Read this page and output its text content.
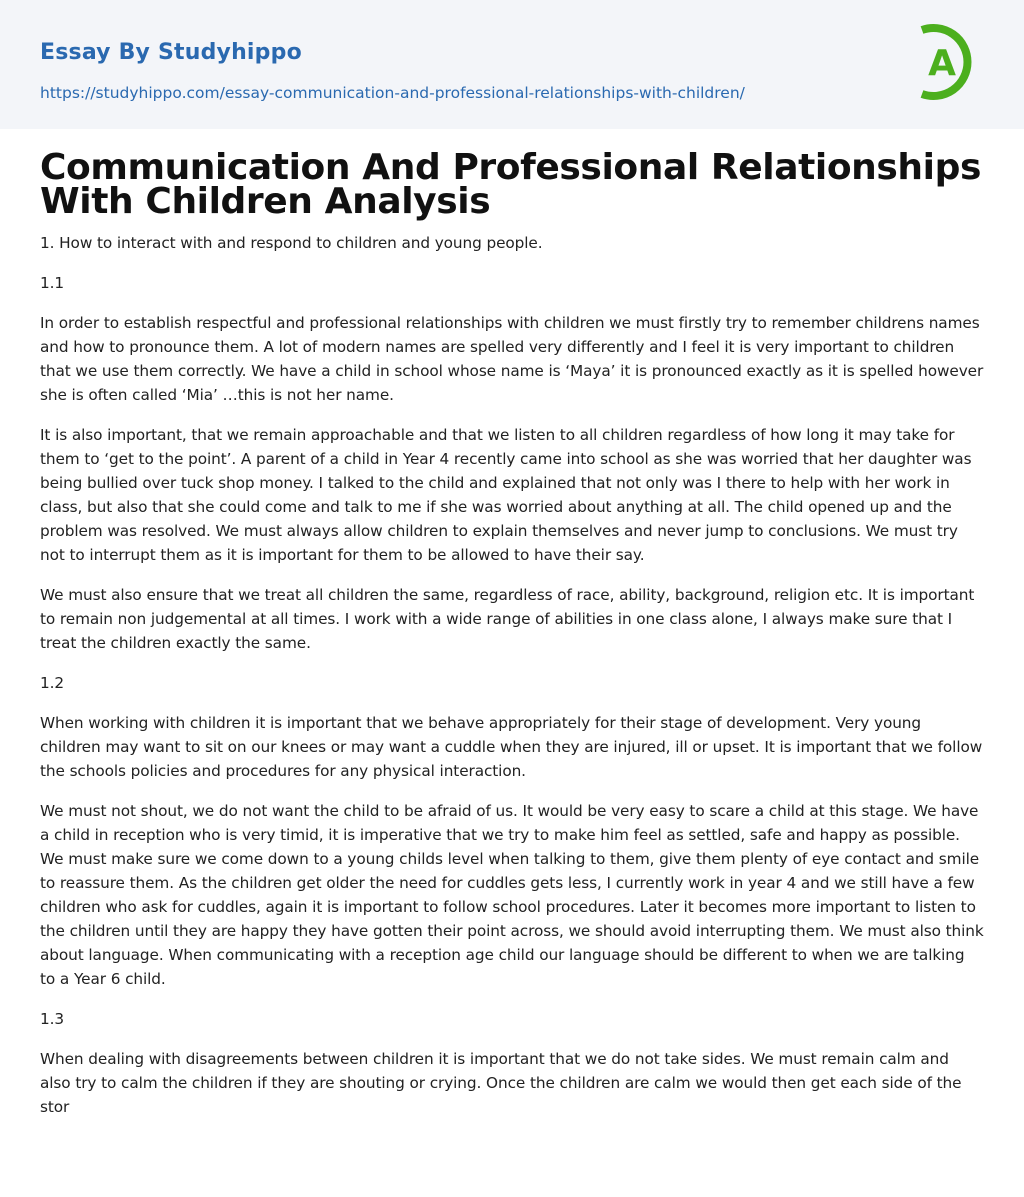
Essay By Studyhippo
https://studyhippo.com/essay-communication-and-professional-relationships-with-children/
A
Communication And Professional Relationships With Children Analysis

1. How to interact with and respond to children and young people.

1.1

In order to establish respectful and professional relationships with children we must firstly try to remember childrens names and how to pronounce them. A lot of modern names are spelled very differently and I feel it is very important to children that we use them correctly. We have a child in school whose name is ‘Maya’ it is pronounced exactly as it is spelled however she is often called ‘Mia’ …this is not her name.

It is also important, that we remain approachable and that we listen to all children regardless of how long it may take for them to ‘get to the point’. A parent of a child in Year 4 recently came into school as she was worried that her daughter was being bullied over tuck shop money. I talked to the child and explained that not only was I there to help with her work in class, but also that she could come and talk to me if she was worried about anything at all. The child opened up and the problem was resolved. We must always allow children to explain themselves and never jump to conclusions. We must try not to interrupt them as it is important for them to be allowed to have their say.

We must also ensure that we treat all children the same, regardless of race, ability, background, religion etc. It is important to remain non judgemental at all times. I work with a wide range of abilities in one class alone, I always make sure that I treat the children exactly the same.

1.2

When working with children it is important that we behave appropriately for their stage of development. Very young children may want to sit on our knees or may want a cuddle when they are injured, ill or upset. It is important that we follow the schools policies and procedures for any physical interaction.

We must not shout, we do not want the child to be afraid of us. It would be very easy to scare a child at this stage. We have a child in reception who is very timid, it is imperative that we try to make him feel as settled, safe and happy as possible. We must make sure we come down to a young childs level when talking to them, give them plenty of eye contact and smile to reassure them. As the children get older the need for cuddles gets less, I currently work in year 4 and we still have a few children who ask for cuddles, again it is important to follow school procedures. Later it becomes more important to listen to the children until they are happy they have gotten their point across, we should avoid interrupting them. We must also think about language. When communicating with a reception age child our language should be different to when we are talking to a Year 6 child.

1.3

When dealing with disagreements between children it is important that we do not take sides. We must remain calm and also try to calm the children if they are shouting or crying. Once the children are calm we would then get each side of the stor
